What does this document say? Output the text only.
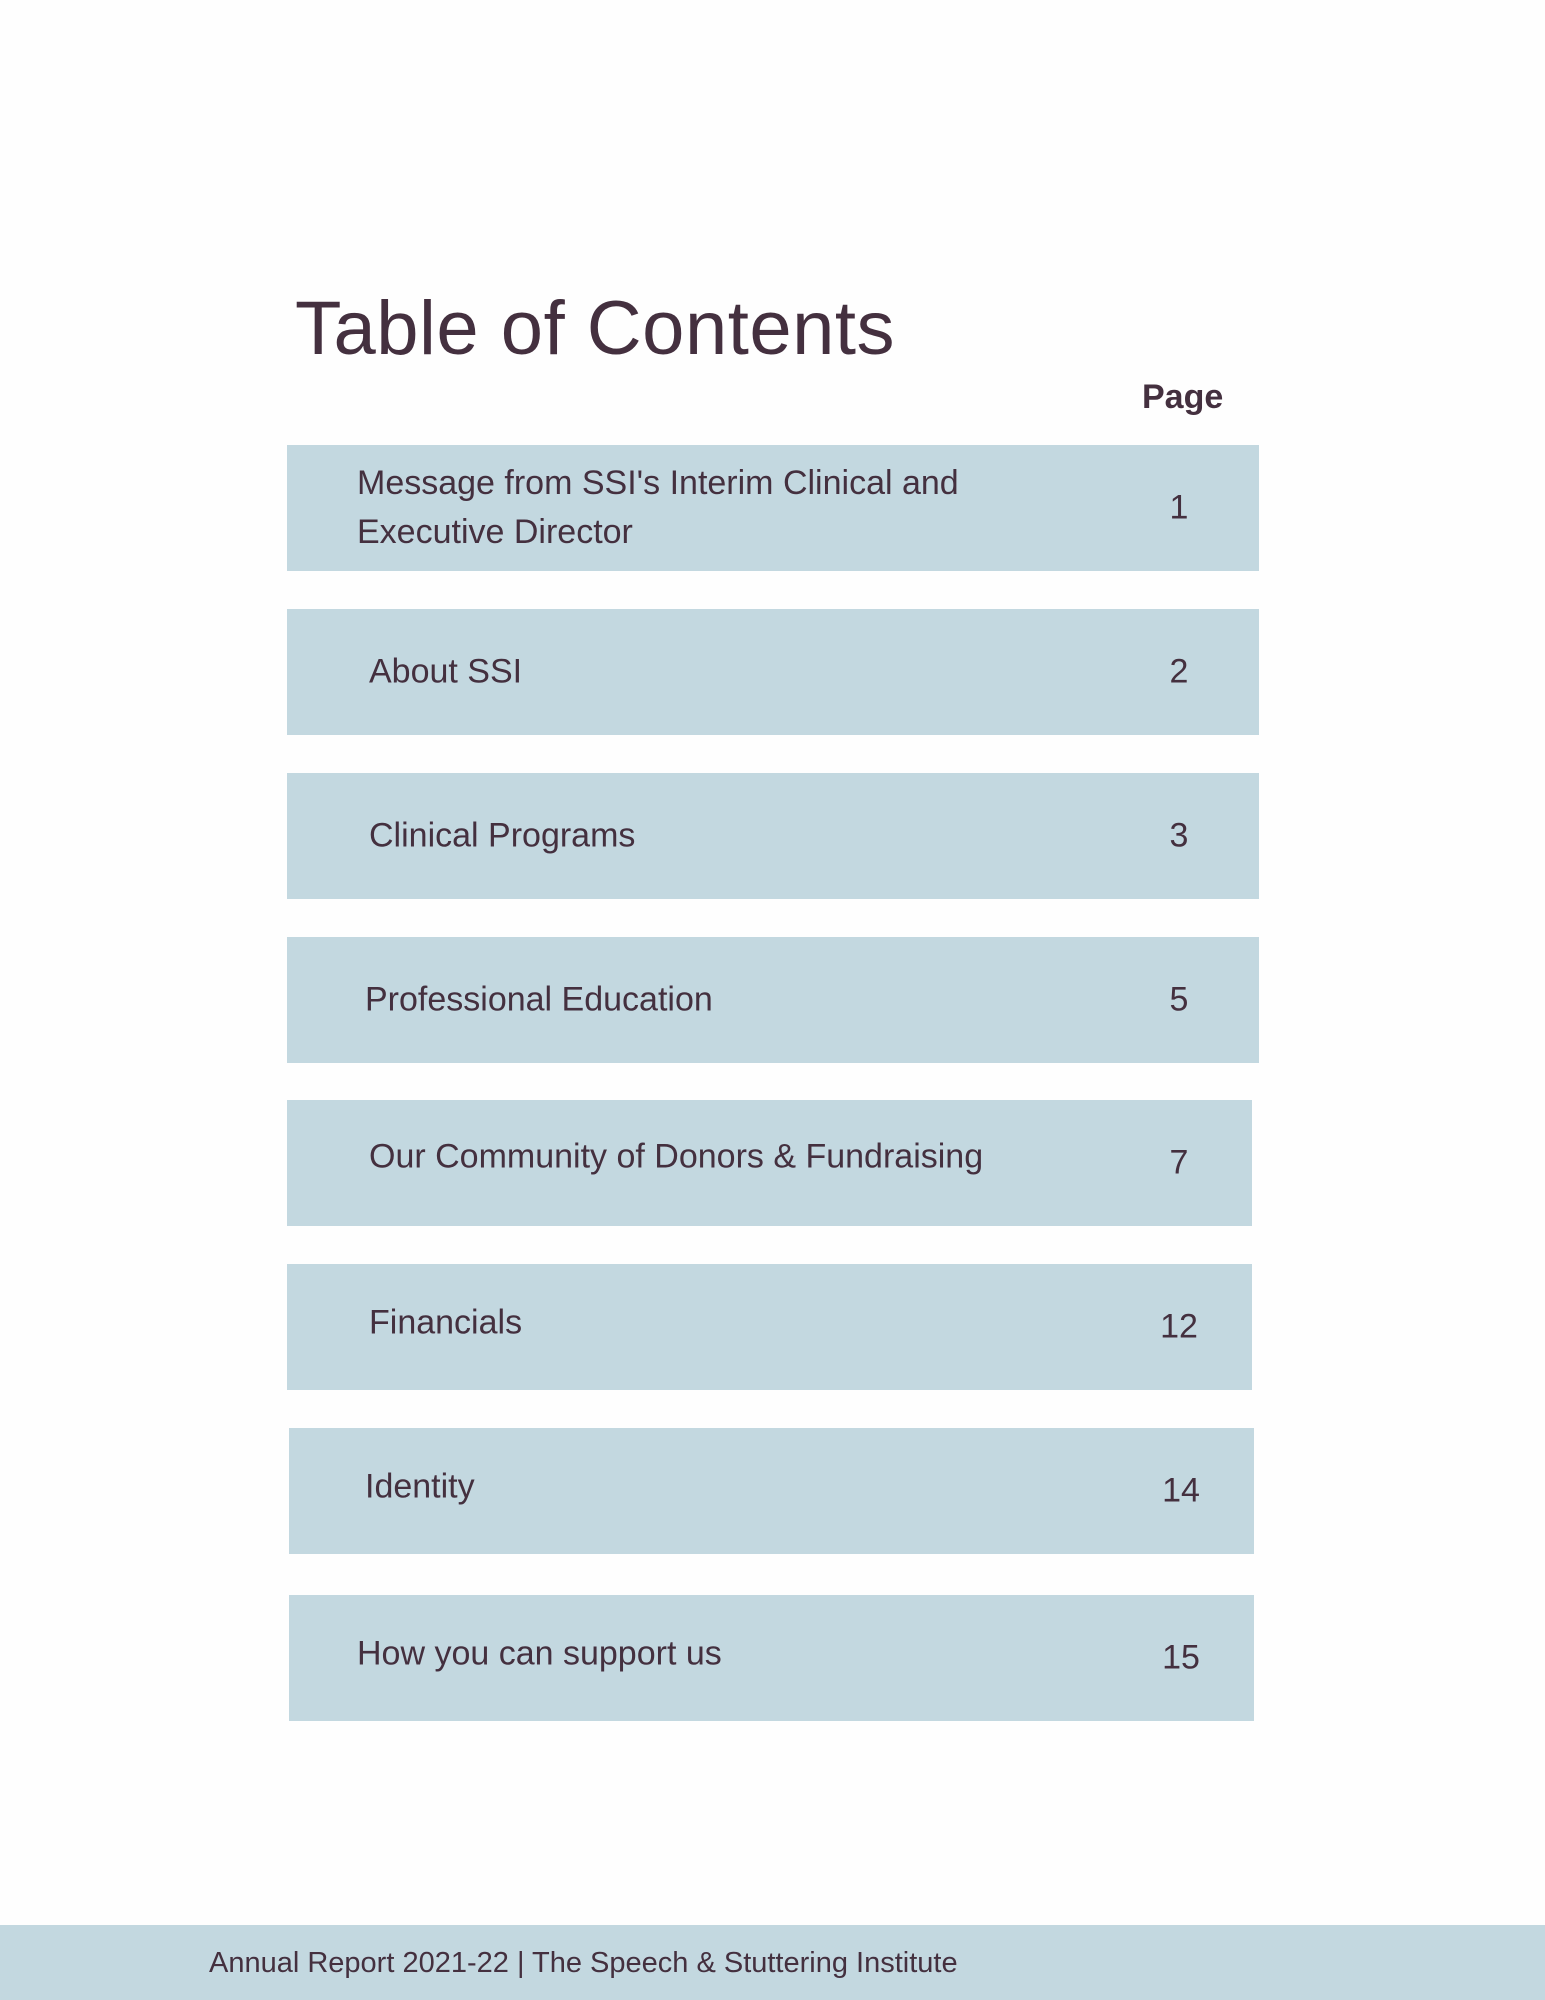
Table of Contents
Page
Message from SSI's Interim Clinical and Executive Director
1
About SSI	2
Clinical Programs	3
Professional Education	5
Our Community of Donors & Fundraising	7
Financials	12
Identity	14
How you can support us	15
Annual Report 2021-22 | The Speech & Stuttering Institute
